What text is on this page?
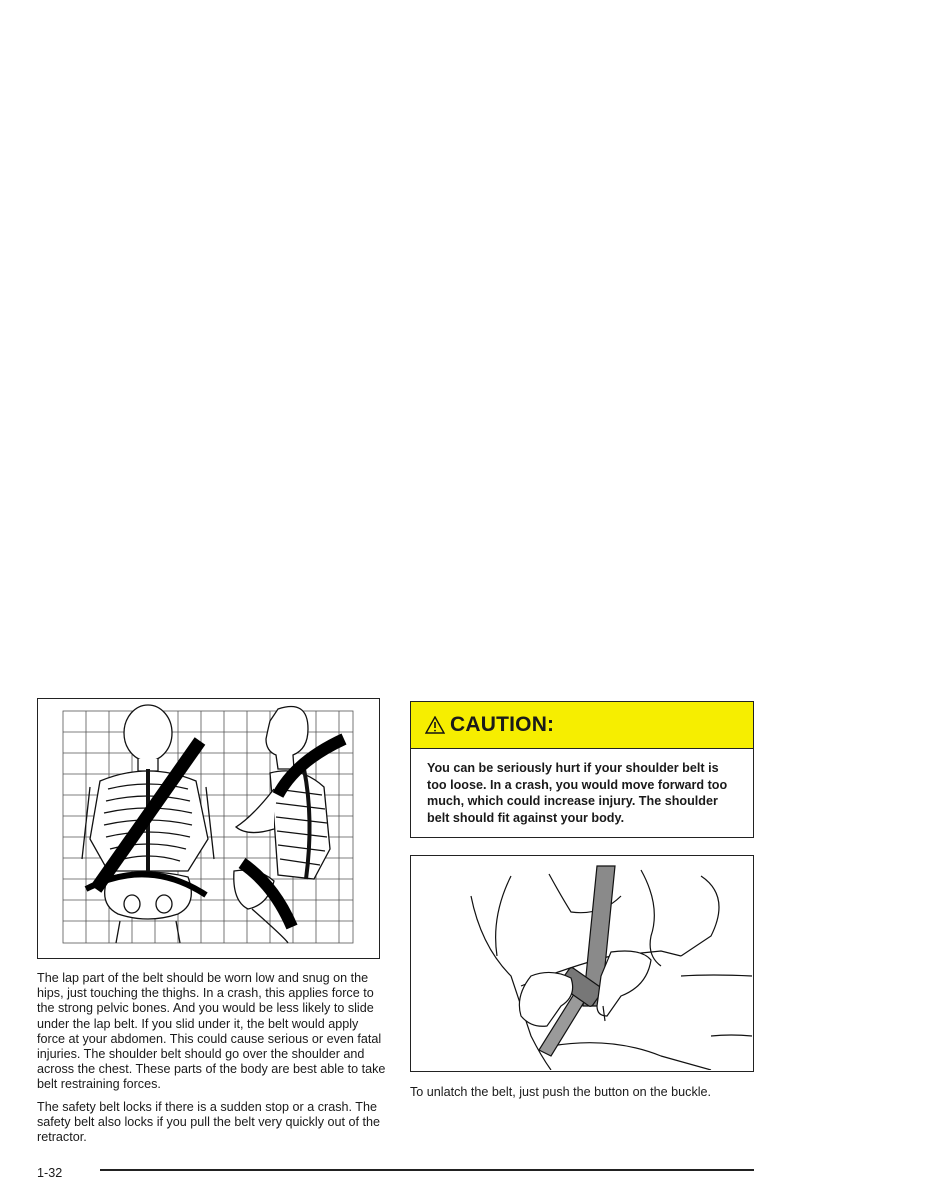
CAUTION:

You can be seriously hurt if your shoulder belt is too loose. In a crash, you would move forward too much, which could increase injury. The shoulder belt should fit against your body.

The lap part of the belt should be worn low and snug on the hips, just touching the thighs. In a crash, this applies force to the strong pelvic bones. And you would be less likely to slide under the lap belt. If you slid under it, the belt would apply force at your abdomen. This could cause serious or even fatal injuries. The shoulder belt should go over the shoulder and across the chest. These parts of the body are best able to take belt restraining forces.

The safety belt locks if there is a sudden stop or a crash. The safety belt also locks if you pull the belt very quickly out of the retractor.

To unlatch the belt, just push the button on the buckle.

1-32
